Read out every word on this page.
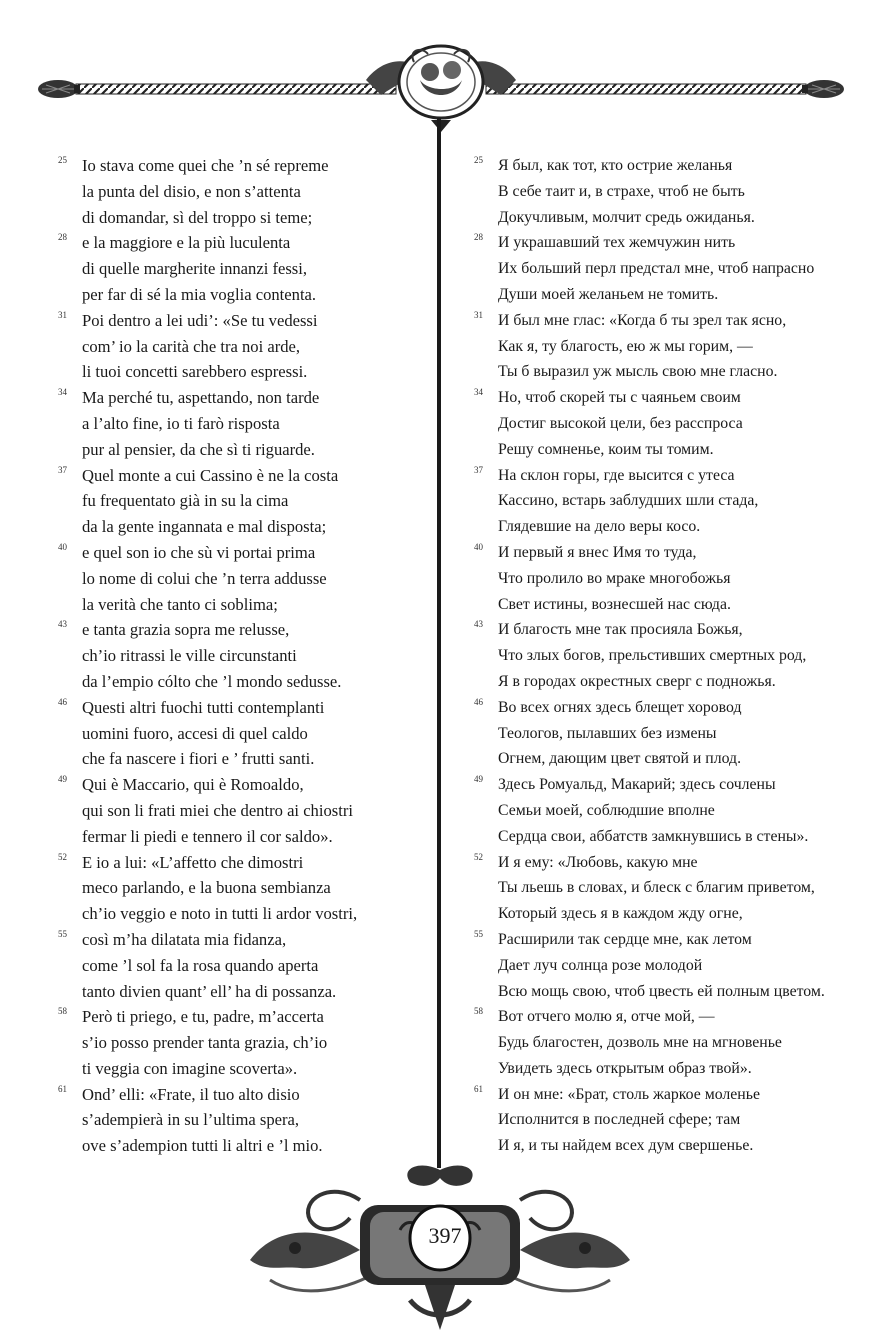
25 Io stava come quei che ’n sé repreme
la punta del disio, e non s’attenta
di domandar, sì del troppo si teme;
28 e la maggiore e la più luculenta
di quelle margherite innanzi fessi,
per far di sé la mia voglia contenta.
31 Poi dentro a lei udi’: «Se tu vedessi
com’ io la carità che tra noi arde,
li tuoi concetti sarebbero espressi.
34 Ma perché tu, aspettando, non tarde
a l’alto fine, io ti farò risposta
pur al pensier, da che sì ti riguarde.
37 Quel monte a cui Cassino è ne la costa
fu frequentato già in su la cima
da la gente ingannata e mal disposta;
40 e quel son io che sù vi portai prima
lo nome di colui che ’n terra addusse
la verità che tanto ci soblima;
43 e tanta grazia sopra me relusse,
ch’io ritrassi le ville circunstanti
da l’empio cólto che ’l mondo sedusse.
46 Questi altri fuochi tutti contemplanti
uomini fuoro, accesi di quel caldo
che fa nascere i fiori e ’ frutti santi.
49 Qui è Maccario, qui è Romoaldo,
qui son li frati miei che dentro ai chiostri
fermar li piedi e tennero il cor saldo».
52 E io a lui: «L’affetto che dimostri
meco parlando, e la buona sembianza
ch’io veggio e noto in tutti li ardor vostri,
55 così m’ha dilatata mia fidanza,
come ’l sol fa la rosa quando aperta
tanto divien quant’ ell’ ha di possanza.
58 Però ti priego, e tu, padre, m’accerta
s’io posso prender tanta grazia, ch’io
ti veggia con imagine scoverta».
61 Ond’ elli: «Frate, il tuo alto disio
s’adempierà in su l’ultima spera,
ove s’adempion tutti li altri e ’l mio.
25 Я был, как тот, кто острие желанья
В себе таит и, в страхе, чтоб не быть
Докучливым, молчит средь ожиданья.
28 И украшавший тех жемчужин нить
Их больший перл предстал мне, чтоб напрасно
Души моей желаньем не томить.
31 И был мне глас: «Когда б ты зрел так ясно,
Как я, ту благость, ею ж мы горим, —
Ты б выразил уж мысль свою мне гласно.
34 Но, чтоб скорей ты с чаяньем своим
Достиг высокой цели, без расспроса
Решу сомненье, коим ты томим.
37 На склон горы, где высится с утеса
Кассино, встарь заблудших шли стада,
Глядевшие на дело веры косо.
40 И первый я внес Имя то туда,
Что пролило во мраке многобожья
Свет истины, вознесшей нас сюда.
43 И благость мне так просияла Божья,
Что злых богов, прельстивших смертных род,
Я в городах окрестных сверг с подножья.
46 Во всех огнях здесь блещет хоровод
Теологов, пылавших без измены
Огнем, дающим цвет святой и плод.
49 Здесь Ромуальд, Макарий; здесь сочлены
Семьи моей, соблюдшие вполне
Сердца свои, аббатств замкнувшись в стены».
52 И я ему: «Любовь, какую мне
Ты льешь в словах, и блеск с благим приветом,
Который здесь я в каждом жду огне,
55 Расширили так сердце мне, как летом
Дает луч солнца розе молодой
Всю мощь свою, чтоб цвесть ей полным цветом.
58 Вот отчего молю я, отче мой, —
Будь благостен, дозволь мне на мгновенье
Увидеть здесь открытым образ твой».
61 И он мне: «Брат, столь жаркое моленье
Исполнится в последней сфере; там
И я, и ты найдем всех дум свершенье.
397
